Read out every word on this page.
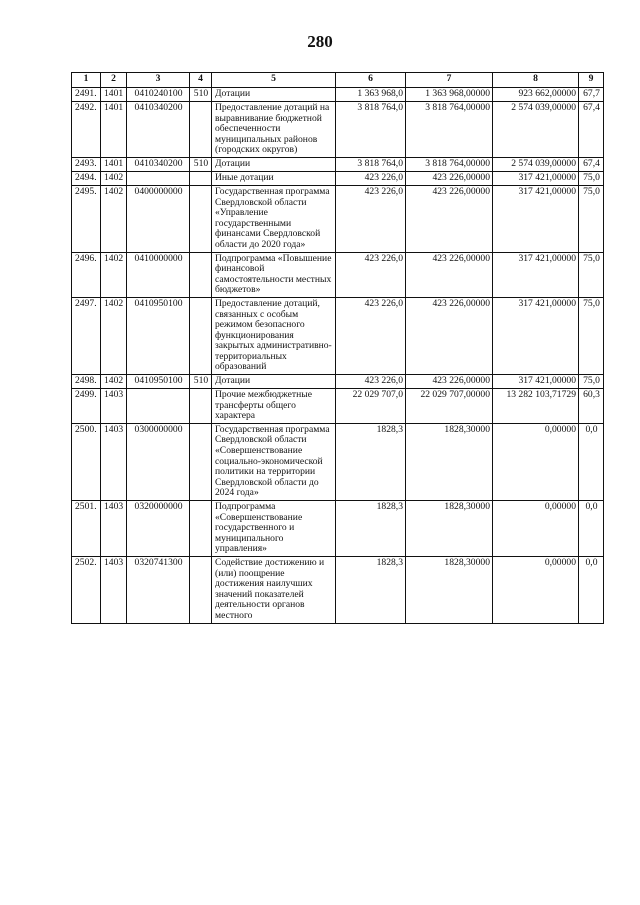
280
1	2	3	4	5	6	7	8	9
2491.	1401	0410240100	510	Дотации	1 363 968,0	1 363 968,00000	923 662,00000	67,7
2492.	1401	0410340200		Предоставление дотаций на выравнивание бюджетной обеспеченности муниципальных районов (городских округов)	3 818 764,0	3 818 764,00000	2 574 039,00000	67,4
2493.	1401	0410340200	510	Дотации	3 818 764,0	3 818 764,00000	2 574 039,00000	67,4
2494.	1402			Иные дотации	423 226,0	423 226,00000	317 421,00000	75,0
2495.	1402	0400000000		Государственная программа Свердловской области «Управление государственными финансами Свердловской области до 2020 года»	423 226,0	423 226,00000	317 421,00000	75,0
2496.	1402	0410000000		Подпрограмма «Повышение финансовой самостоятельности местных бюджетов»	423 226,0	423 226,00000	317 421,00000	75,0
2497.	1402	0410950100		Предоставление дотаций, связанных с особым режимом безопасного функционирования закрытых административно-территориальных образований	423 226,0	423 226,00000	317 421,00000	75,0
2498.	1402	0410950100	510	Дотации	423 226,0	423 226,00000	317 421,00000	75,0
2499.	1403			Прочие межбюджетные трансферты общего характера	22 029 707,0	22 029 707,00000	13 282 103,71729	60,3
2500.	1403	0300000000		Государственная программа Свердловской области «Совершенствование социально-экономической политики на территории Свердловской области до 2024 года»	1828,3	1828,30000	0,00000	0,0
2501.	1403	0320000000		Подпрограмма «Совершенствование государственного и муниципального управления»	1828,3	1828,30000	0,00000	0,0
2502.	1403	0320741300		Содействие достижению и (или) поощрение достижения наилучших значений показателей деятельности органов местного	1828,3	1828,30000	0,00000	0,0
